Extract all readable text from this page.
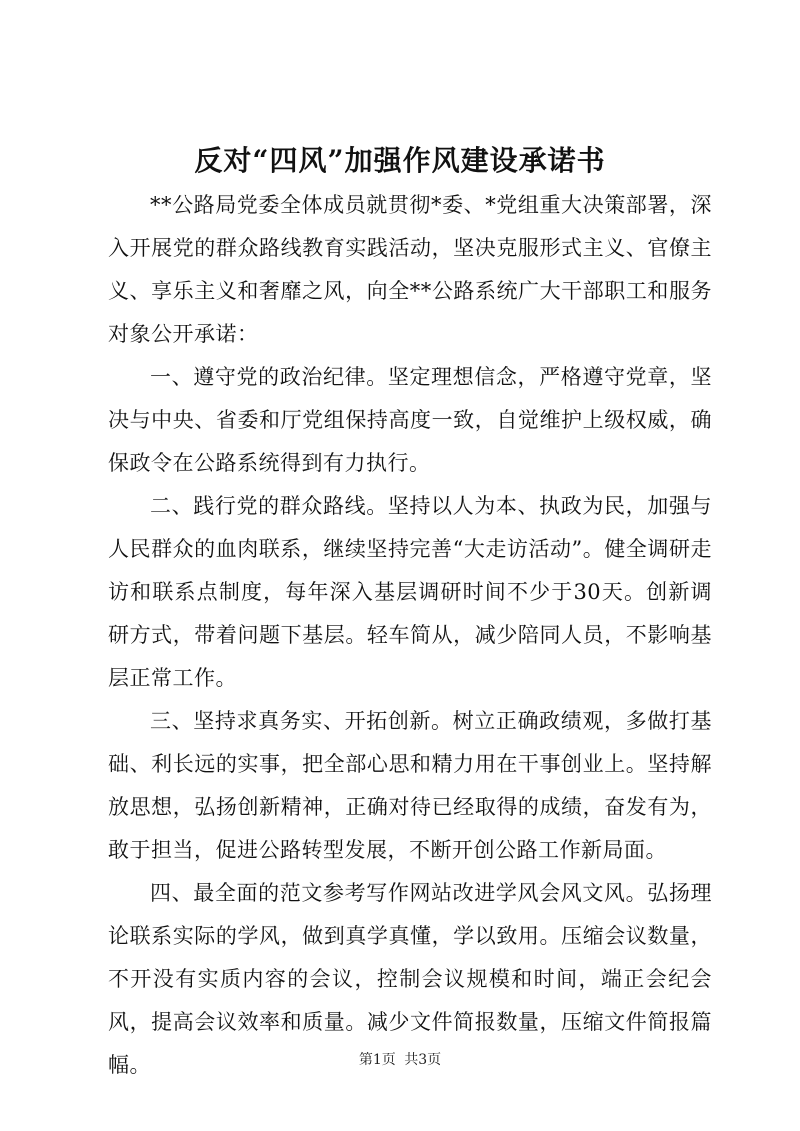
反对“四风”加强作风建设承诺书

**公路局党委全体成员就贯彻*委、*党组重大决策部署，深入开展党的群众路线教育实践活动，坚决克服形式主义、官僚主义、享乐主义和奢靡之风，向全**公路系统广大干部职工和服务对象公开承诺：

一、遵守党的政治纪律。坚定理想信念，严格遵守党章，坚决与中央、省委和厅党组保持高度一致，自觉维护上级权威，确保政令在公路系统得到有力执行。

二、践行党的群众路线。坚持以人为本、执政为民，加强与人民群众的血肉联系，继续坚持完善“大走访活动”。健全调研走访和联系点制度，每年深入基层调研时间不少于30天。创新调研方式，带着问题下基层。轻车简从，减少陪同人员，不影响基层正常工作。

三、坚持求真务实、开拓创新。树立正确政绩观，多做打基础、利长远的实事，把全部心思和精力用在干事创业上。坚持解放思想，弘扬创新精神，正确对待已经取得的成绩，奋发有为，敢于担当，促进公路转型发展，不断开创公路工作新局面。

四、最全面的范文参考写作网站改进学风会风文风。弘扬理论联系实际的学风，做到真学真懂，学以致用。压缩会议数量，不开没有实质内容的会议，控制会议规模和时间，端正会纪会风，提高会议效率和质量。减少文件简报数量，压缩文件简报篇幅。	第1页 共3页
